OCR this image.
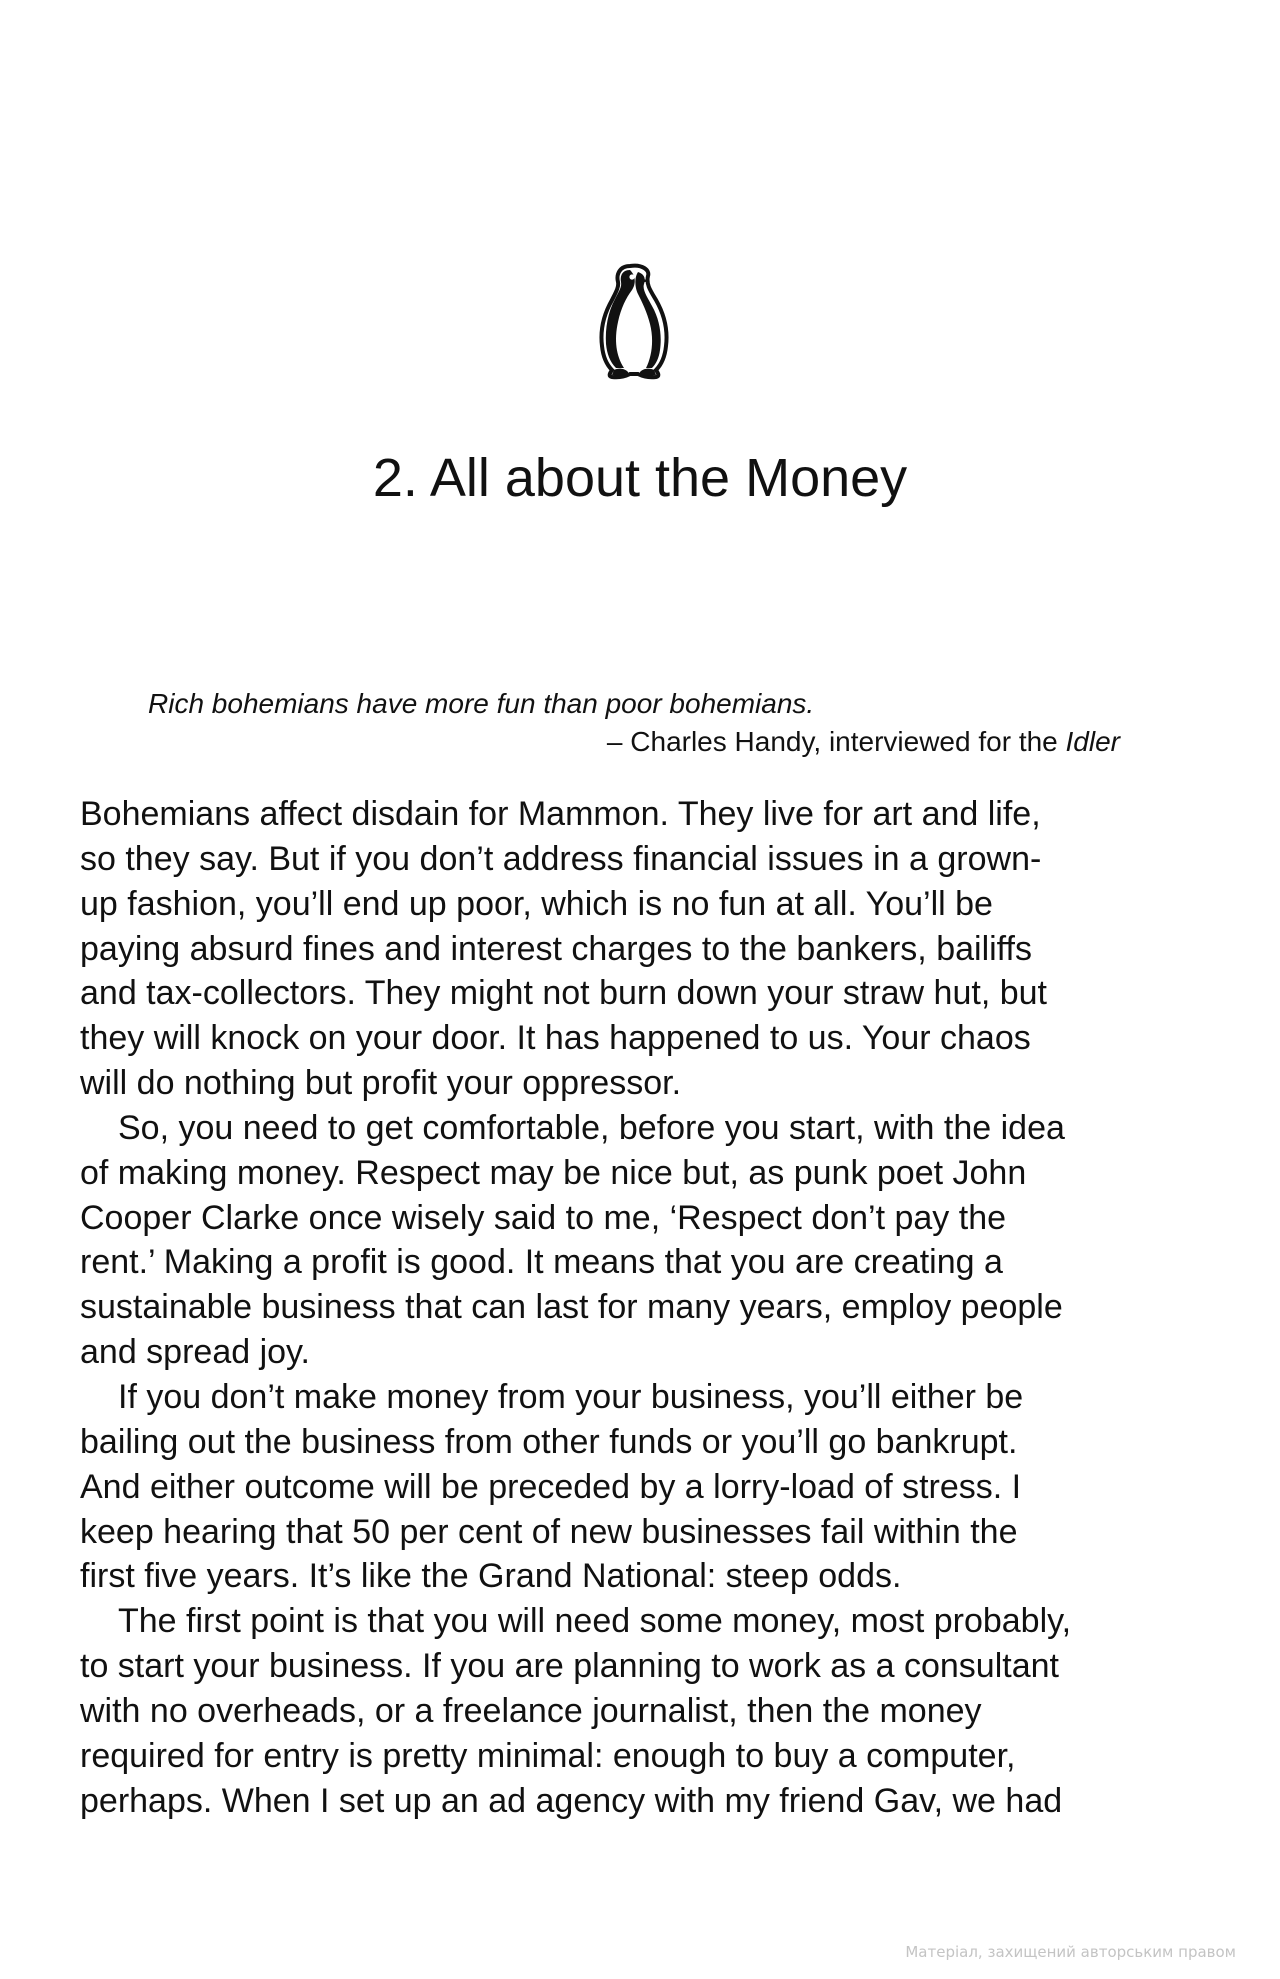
2. All about the Money

Rich bohemians have more fun than poor bohemians.

– Charles Handy, interviewed for the Idler

Bohemians affect disdain for Mammon. They live for art and life,
so they say. But if you don’t address financial issues in a grown-
up fashion, you’ll end up poor, which is no fun at all. You’ll be
paying absurd fines and interest charges to the bankers, bailiffs
and tax-collectors. They might not burn down your straw hut, but
they will knock on your door. It has happened to us. Your chaos
will do nothing but profit your oppressor.
So, you need to get comfortable, before you start, with the idea
of making money. Respect may be nice but, as punk poet John
Cooper Clarke once wisely said to me, ‘Respect don’t pay the
rent.’ Making a profit is good. It means that you are creating a
sustainable business that can last for many years, employ people
and spread joy.
If you don’t make money from your business, you’ll either be
bailing out the business from other funds or you’ll go bankrupt.
And either outcome will be preceded by a lorry-load of stress. I
keep hearing that 50 per cent of new businesses fail within the
first five years. It’s like the Grand National: steep odds.
The first point is that you will need some money, most probably,
to start your business. If you are planning to work as a consultant
with no overheads, or a freelance journalist, then the money
required for entry is pretty minimal: enough to buy a computer,
perhaps. When I set up an ad agency with my friend Gav, we had
Матеріал, захищений авторським правом
